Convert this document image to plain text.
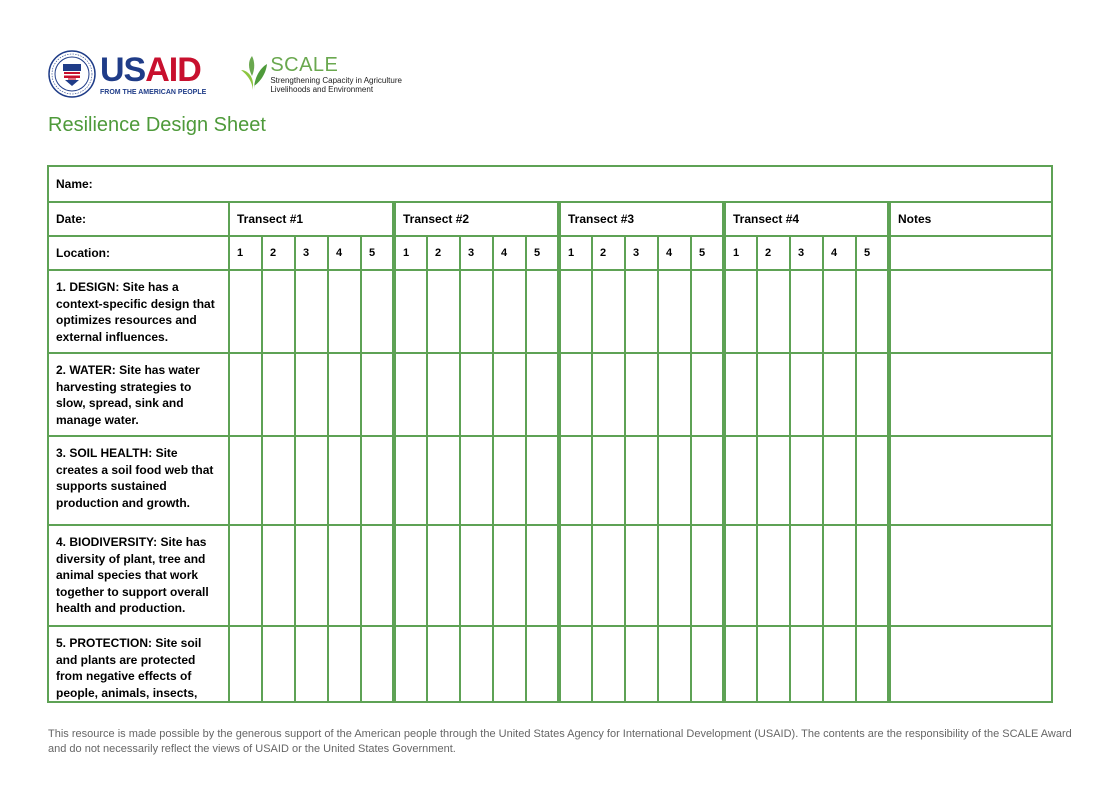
USAID
FROM THE AMERICAN PEOPLE
SCALE
Strengthening Capacity in Agriculture
Livelihoods and Environment
Resilience Design Sheet
Name:																					
Date:	Transect #1					Transect #2					Transect #3					Transect #4					Notes
Location:	1	2	3	4	5	1	2	3	4	5	1	2	3	4	5	1	2	3	4	5	
1. DESIGN: Site has a context-specific design that optimizes resources and external influences.																					
2. WATER: Site has water harvesting strategies to slow, spread, sink and manage water.																					
3. SOIL HEALTH: Site creates a soil food web that supports sustained production and growth.																					
4. BIODIVERSITY: Site has diversity of plant, tree and animal species that work together to support overall health and production.																					
5. PROTECTION: Site soil and plants are protected from negative effects of people, animals, insects,																					
This resource is made possible by the generous support of the American people through the United States Agency for International Development (USAID). The contents are the responsibility of the SCALE Award and do not necessarily reflect the views of USAID or the United States Government.
